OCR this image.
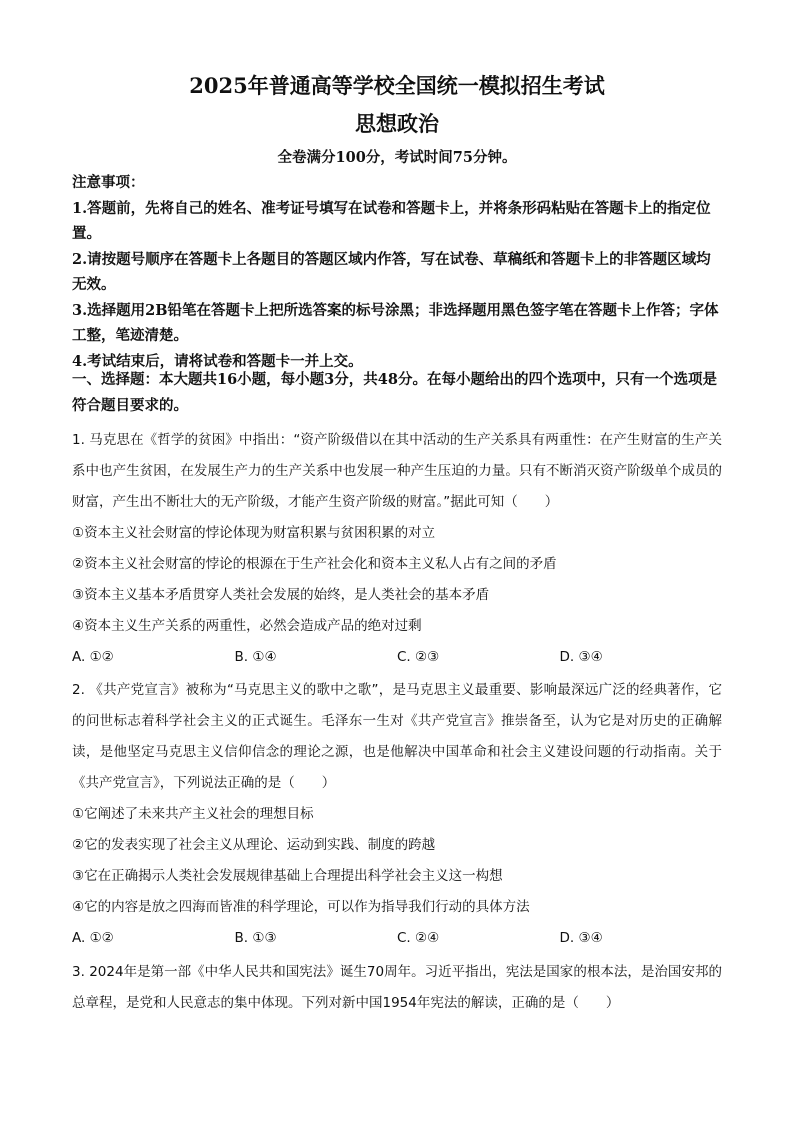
2025年普通高等学校全国统一模拟招生考试
思想政治
全卷满分100分，考试时间75分钟。

注意事项：

1.答题前，先将自己的姓名、准考证号填写在试卷和答题卡上，并将条形码粘贴在答题卡上的指定位置。

2.请按题号顺序在答题卡上各题目的答题区域内作答，写在试卷、草稿纸和答题卡上的非答题区域均无效。

3.选择题用2B铅笔在答题卡上把所选答案的标号涂黑；非选择题用黑色签字笔在答题卡上作答；字体工整，笔迹清楚。

4.考试结束后，请将试卷和答题卡一并上交。

一、选择题：本大题共16小题，每小题3分，共48分。在每小题给出的四个选项中，只有一个选项是符合题目要求的。

1. 马克思在《哲学的贫困》中指出：“资产阶级借以在其中活动的生产关系具有两重性：在产生财富的生产关系中也产生贫困，在发展生产力的生产关系中也发展一种产生压迫的力量。只有不断消灭资产阶级单个成员的财富，产生出不断壮大的无产阶级，才能产生资产阶级的财富。”据此可知（　　）

①资本主义社会财富的悖论体现为财富积累与贫困积累的对立

②资本主义社会财富的悖论的根源在于生产社会化和资本主义私人占有之间的矛盾

③资本主义基本矛盾贯穿人类社会发展的始终，是人类社会的基本矛盾

④资本主义生产关系的两重性，必然会造成产品的绝对过剩

A. ①②	B. ①④	C. ②③	D. ③④

2. 《共产党宣言》被称为“马克思主义的歌中之歌”，是马克思主义最重要、影响最深远广泛的经典著作，它的问世标志着科学社会主义的正式诞生。毛泽东一生对《共产党宣言》推崇备至，认为它是对历史的正确解读，是他坚定马克思主义信仰信念的理论之源，也是他解决中国革命和社会主义建设问题的行动指南。关于《共产党宣言》，下列说法正确的是（　　）

①它阐述了未来共产主义社会的理想目标

②它的发表实现了社会主义从理论、运动到实践、制度的跨越

③它在正确揭示人类社会发展规律基础上合理提出科学社会主义这一构想

④它的内容是放之四海而皆准的科学理论，可以作为指导我们行动的具体方法

A. ①②	B. ①③	C. ②④	D. ③④

3. 2024年是第一部《中华人民共和国宪法》诞生70周年。习近平指出，宪法是国家的根本法，是治国安邦的总章程，是党和人民意志的集中体现。下列对新中国1954年宪法的解读，正确的是（　　）
